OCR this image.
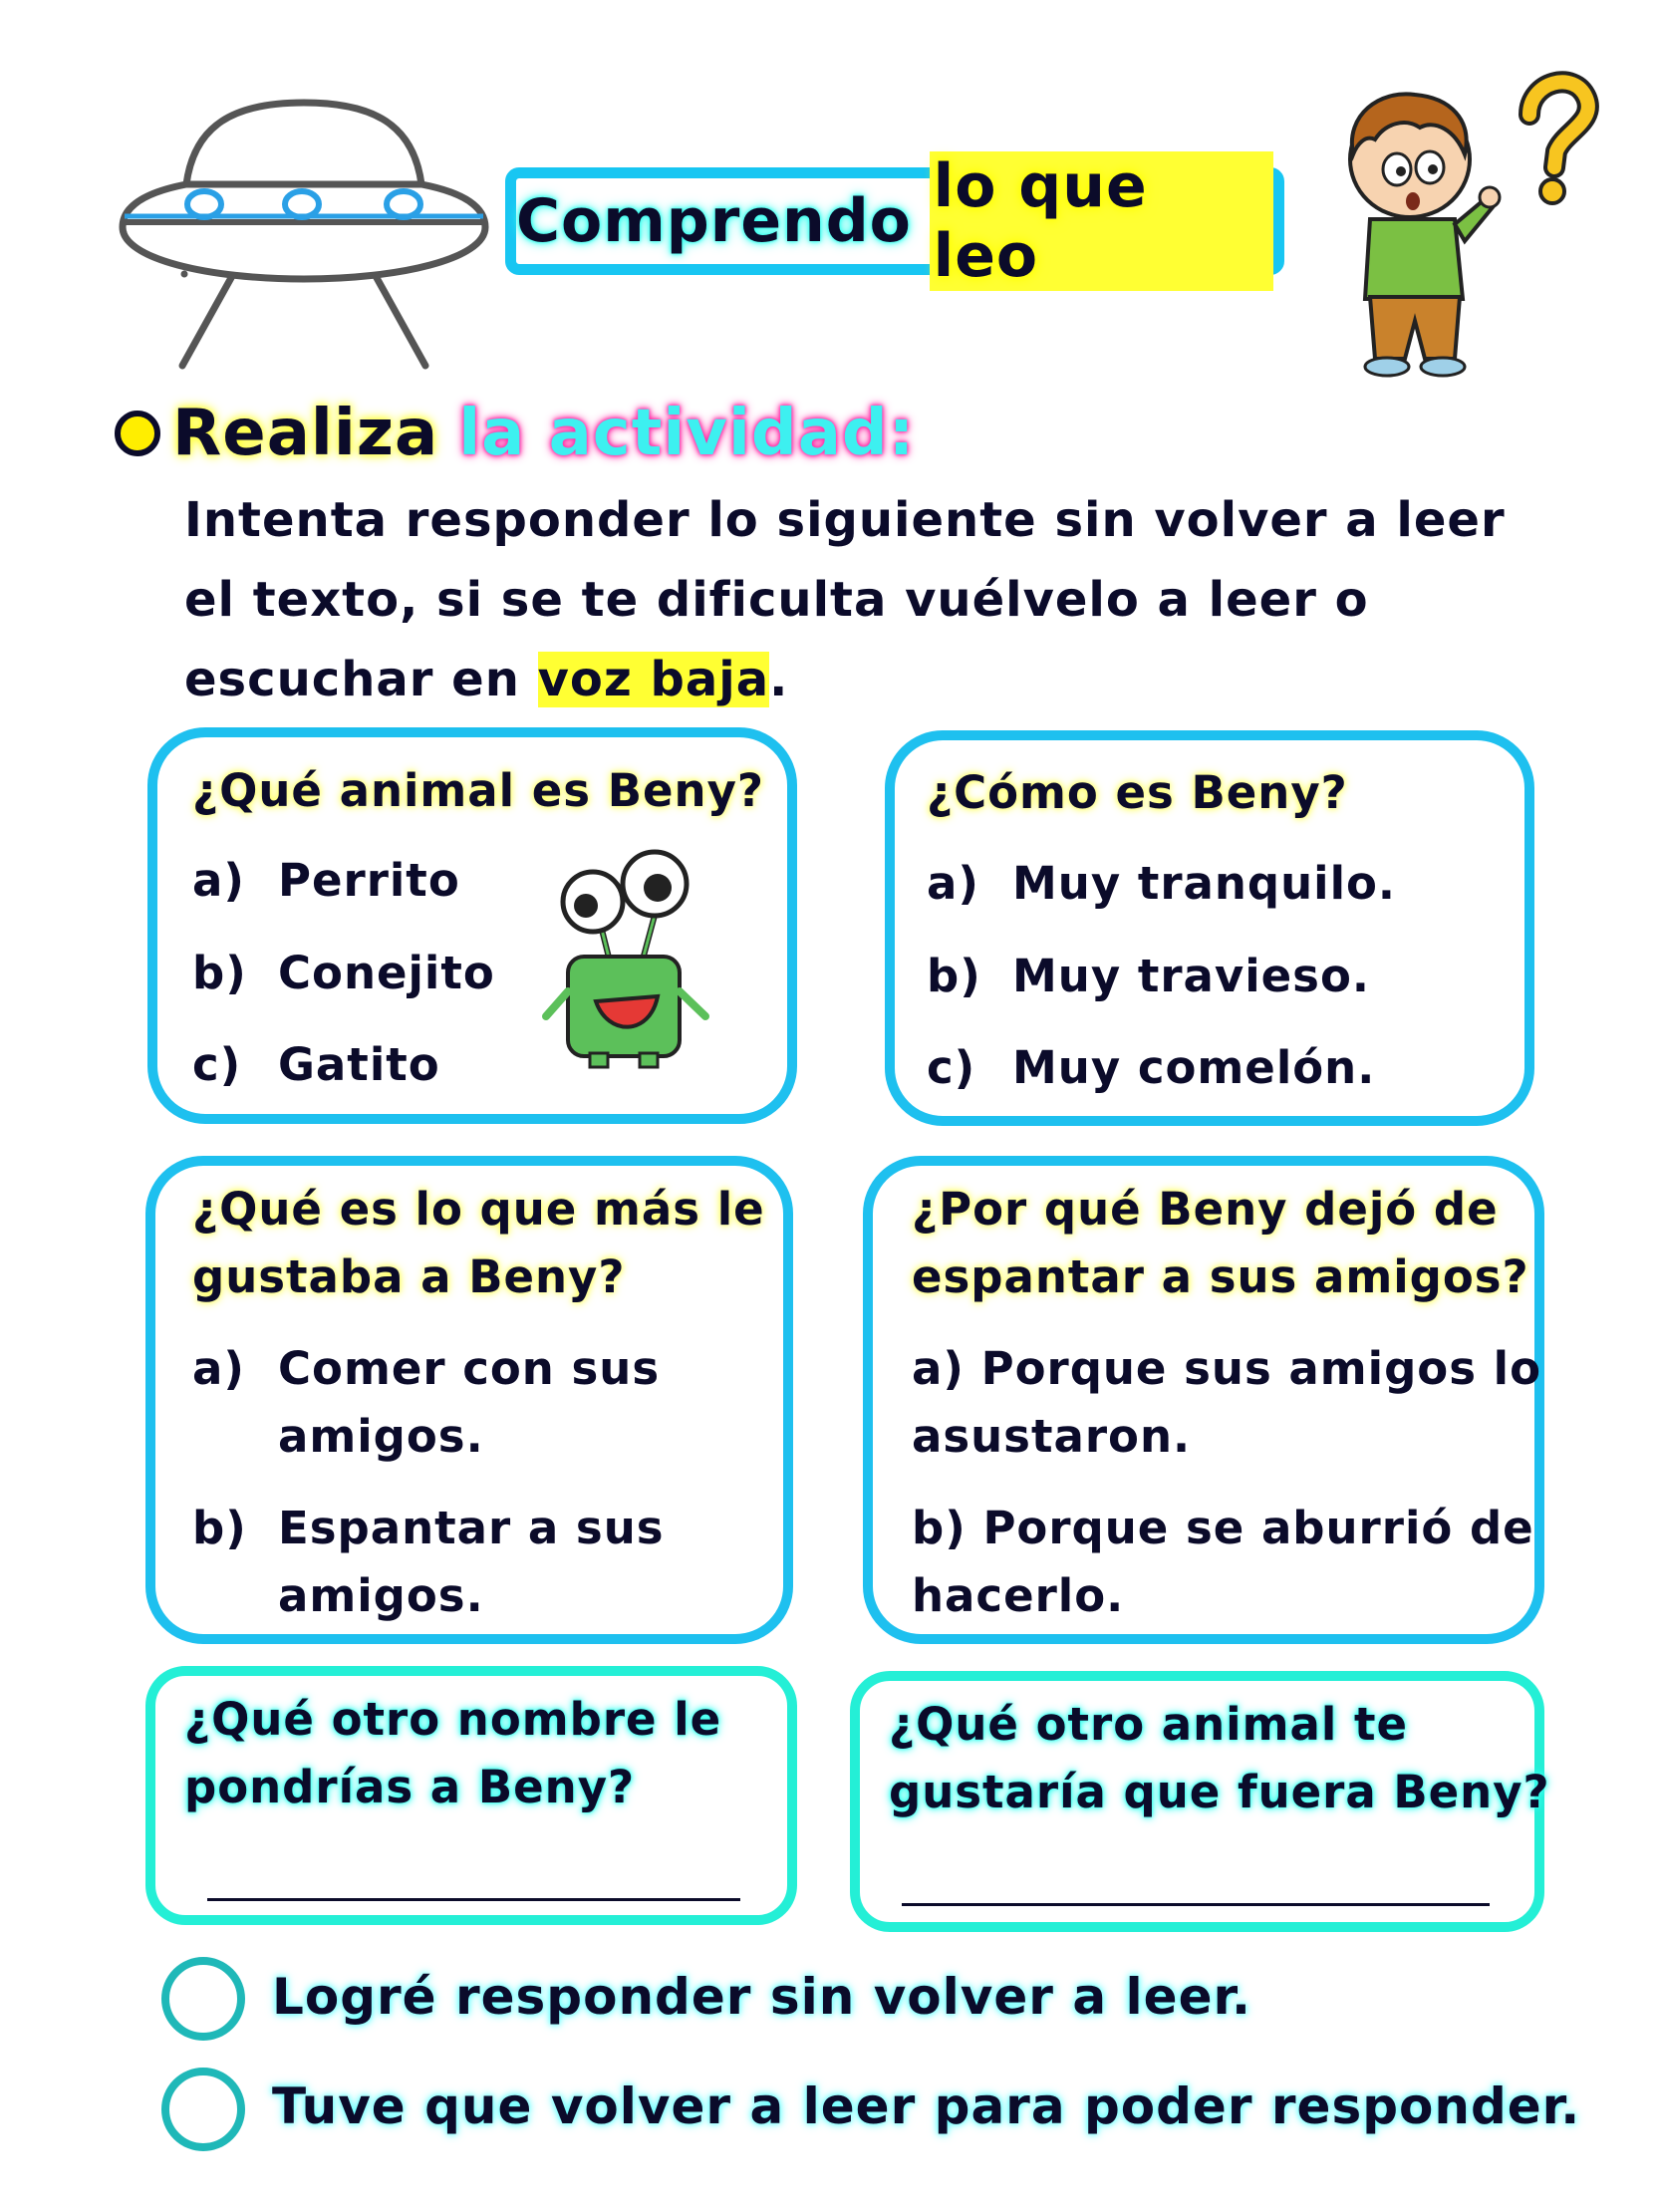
Comprendo lo que leo
Realiza la actividad:
Intenta responder lo siguiente sin volver a leer el texto, si se te dificulta vuélvelo a leer o escuchar en voz baja.
¿Qué animal es Beny?
a) Perrito
b) Conejito
c) Gatito
¿Cómo es Beny?
a) Muy tranquilo.
b) Muy travieso.
c) Muy comelón.
¿Qué es lo que más le
gustaba a Beny?
a) Comer con sus
amigos.
b) Espantar a sus
amigos.
¿Por qué Beny dejó de
espantar a sus amigos?
a) Porque sus amigos lo
asustaron.
b) Porque se aburrió de
hacerlo.
¿Qué otro nombre le
pondrías a Beny?
¿Qué otro animal te
gustaría que fuera Beny?
Logré responder sin volver a leer.
Tuve que volver a leer para poder responder.
